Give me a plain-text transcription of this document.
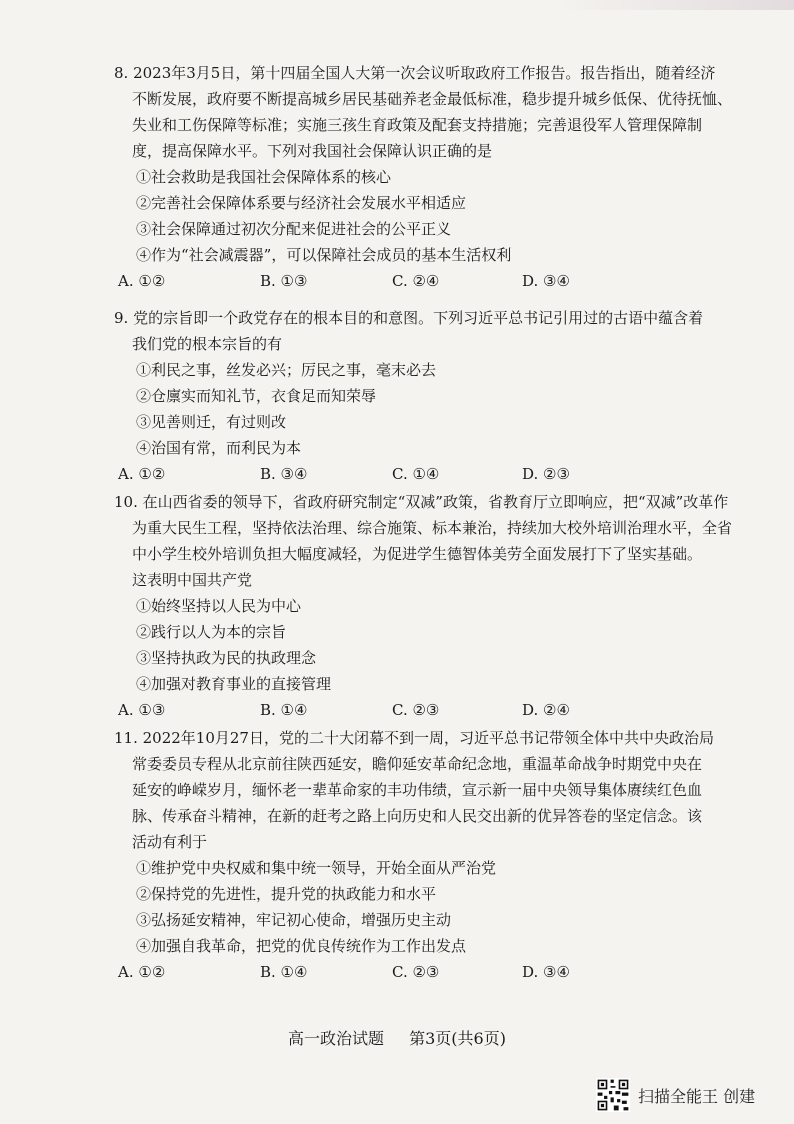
8. 2023年3月5日，第十四届全国人大第一次会议听取政府工作报告。报告指出，随着经济
不断发展，政府要不断提高城乡居民基础养老金最低标准，稳步提升城乡低保、优待抚恤、
失业和工伤保障等标准；实施三孩生育政策及配套支持措施；完善退役军人管理保障制
度，提高保障水平。下列对我国社会保障认识正确的是
①社会救助是我国社会保障体系的核心
②完善社会保障体系要与经济社会发展水平相适应
③社会保障通过初次分配来促进社会的公平正义
④作为“社会减震器”，可以保障社会成员的基本生活权利
A. ①②	B. ①③	C. ②④	D. ③④
9. 党的宗旨即一个政党存在的根本目的和意图。下列习近平总书记引用过的古语中蕴含着
我们党的根本宗旨的有
①利民之事，丝发必兴；厉民之事，毫末必去
②仓廪实而知礼节，衣食足而知荣辱
③见善则迁，有过则改
④治国有常，而利民为本
A. ①②	B. ③④	C. ①④	D. ②③
10. 在山西省委的领导下，省政府研究制定“双减”政策，省教育厅立即响应，把“双减”改革作
为重大民生工程，坚持依法治理、综合施策、标本兼治，持续加大校外培训治理水平，全省
中小学生校外培训负担大幅度减轻，为促进学生德智体美劳全面发展打下了坚实基础。
这表明中国共产党
①始终坚持以人民为中心
②践行以人为本的宗旨
③坚持执政为民的执政理念
④加强对教育事业的直接管理
A. ①③	B. ①④	C. ②③	D. ②④
11. 2022年10月27日，党的二十大闭幕不到一周，习近平总书记带领全体中共中央政治局
常委委员专程从北京前往陕西延安，瞻仰延安革命纪念地，重温革命战争时期党中央在
延安的峥嵘岁月，缅怀老一辈革命家的丰功伟绩，宣示新一届中央领导集体赓续红色血
脉、传承奋斗精神，在新的赶考之路上向历史和人民交出新的优异答卷的坚定信念。该
活动有利于
①维护党中央权威和集中统一领导，开始全面从严治党
②保持党的先进性，提升党的执政能力和水平
③弘扬延安精神，牢记初心使命，增强历史主动
④加强自我革命，把党的优良传统作为工作出发点
A. ①②	B. ①④	C. ②③	D. ③④
高一政治试题 第3页(共6页)
扫描全能王 创建
